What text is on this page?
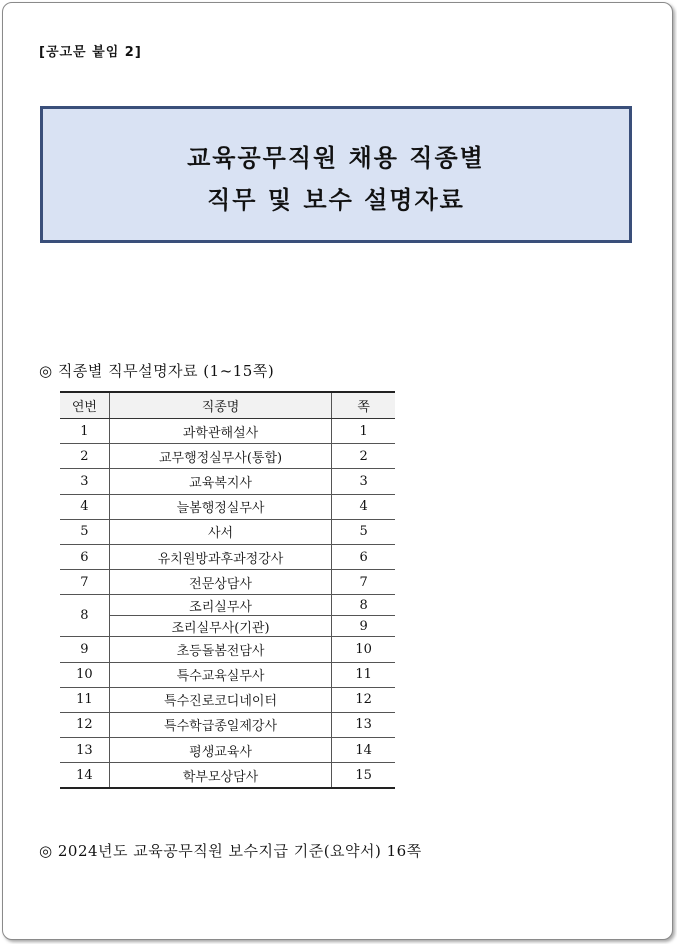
[공고문 붙임 2]
교육공무직원 채용 직종별
직무 및 보수 설명자료
◎ 직종별 직무설명자료 (1~15쪽)
연번	직종명	쪽
1	과학관해설사	1
2	교무행정실무사(통합)	2
3	교육복지사	3
4	늘봄행정실무사	4
5	사서	5
6	유치원방과후과정강사	6
7	전문상담사	7
8	조리실무사	8
	조리실무사(기관)	9
9	초등돌봄전담사	10
10	특수교육실무사	11
11	특수진로코디네이터	12
12	특수학급종일제강사	13
13	평생교육사	14
14	학부모상담사	15
◎ 2024년도 교육공무직원 보수지급 기준(요약서) 16쪽
